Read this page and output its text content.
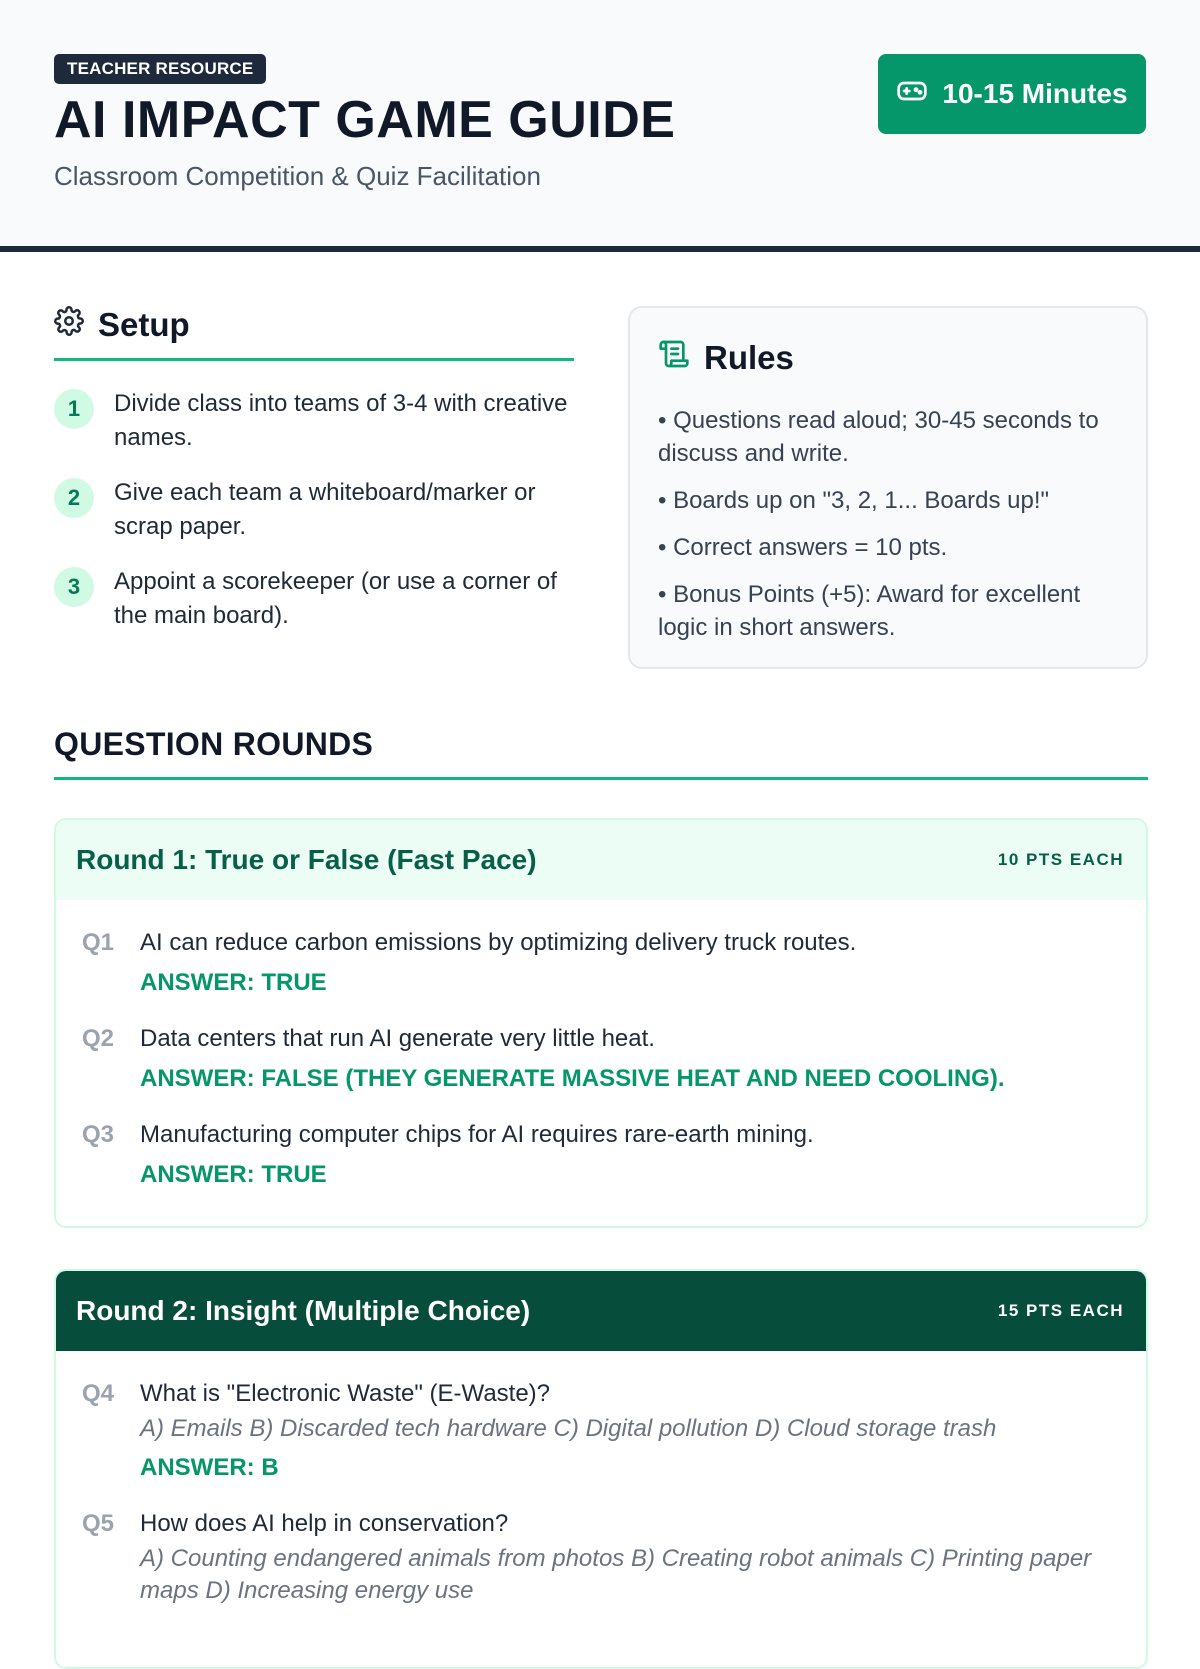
TEACHER RESOURCE
AI IMPACT GAME GUIDE
Classroom Competition & Quiz Facilitation
10-15 Minutes
Setup
1	Divide class into teams of 3-4 with creative names.
2	Give each team a whiteboard/marker or scrap paper.
3	Appoint a scorekeeper (or use a corner of the main board).
Rules
• Questions read aloud; 30-45 seconds to discuss and write.
• Boards up on "3, 2, 1... Boards up!"
• Correct answers = 10 pts.
• Bonus Points (+5): Award for excellent logic in short answers.
QUESTION ROUNDS
Round 1: True or False (Fast Pace)	10 PTS EACH
Q1 AI can reduce carbon emissions by optimizing delivery truck routes.
ANSWER: TRUE
Q2 Data centers that run AI generate very little heat.
ANSWER: FALSE (THEY GENERATE MASSIVE HEAT AND NEED COOLING).
Q3 Manufacturing computer chips for AI requires rare-earth mining.
ANSWER: TRUE
Round 2: Insight (Multiple Choice)	15 PTS EACH
Q4 What is "Electronic Waste" (E-Waste)?
A) Emails B) Discarded tech hardware C) Digital pollution D) Cloud storage trash
ANSWER: B
Q5 How does AI help in conservation?
A) Counting endangered animals from photos B) Creating robot animals C) Printing paper maps D) Increasing energy use
